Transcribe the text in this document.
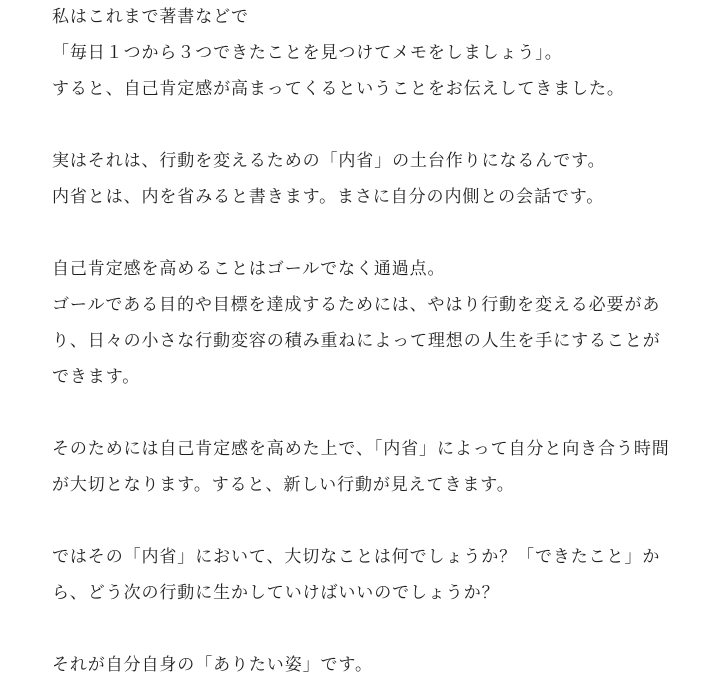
私はこれまで著書などで
「毎日１つから３つできたことを見つけてメモをしましょう」。
すると、自己肯定感が高まってくるということをお伝えしてきました。
実はそれは、行動を変えるための「内省」の土台作りになるんです。
内省とは、内を省みると書きます。まさに自分の内側との会話です。
自己肯定感を高めることはゴールでなく通過点。
ゴールである目的や目標を達成するためには、やはり行動を変える必要があ
り、日々の小さな行動変容の積み重ねによって理想の人生を手にすることが
できます。
そのためには自己肯定感を高めた上で、「内省」によって自分と向き合う時間
が大切となります。すると、新しい行動が見えてきます。
ではその「内省」において、大切なことは何でしょうか？「できたこと」か
ら、どう次の行動に生かしていけばいいのでしょうか？
それが自分自身の「ありたい姿」です。
